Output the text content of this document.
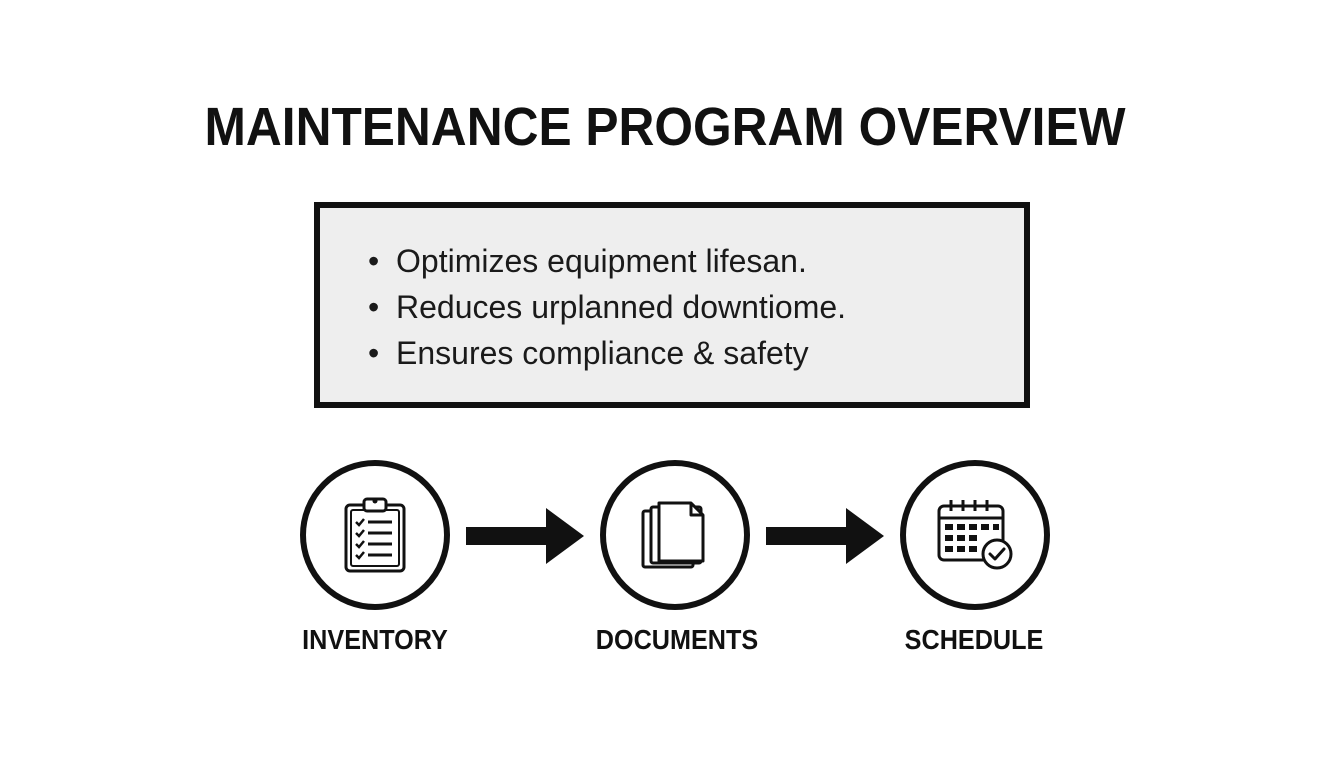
MAINTENANCE PROGRAM OVERVIEW
• Optimizes equipment lifesan.
• Reduces urplanned downtiome.
• Ensures compliance & safety
INVENTORY	DOCUMENTS	SCHEDULE
